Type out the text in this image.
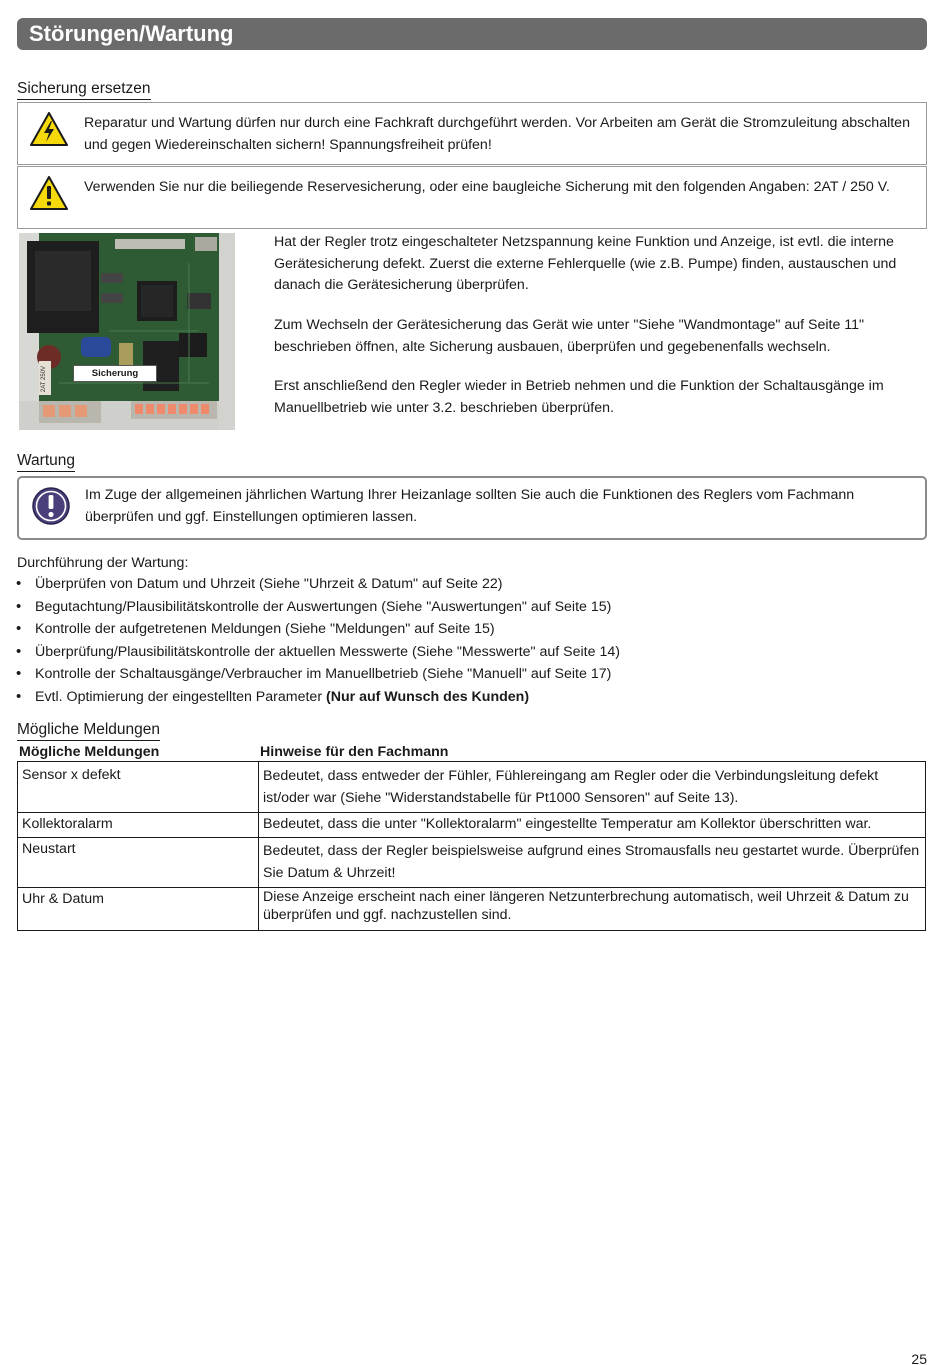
Störungen/Wartung
Sicherung ersetzen
Reparatur und Wartung dürfen nur durch eine Fachkraft durchgeführt werden. Vor Arbeiten am Gerät die Stromzuleitung abschalten und gegen Wiedereinschalten sichern! Spannungsfreiheit prüfen!
Verwenden Sie nur die beiliegende Reservesicherung, oder eine baugleiche Sicherung mit den folgenden Angaben: 2AT / 250 V.
2AT 250V	Sicherung
Hat der Regler trotz eingeschalteter Netzspannung keine Funktion und Anzeige, ist evtl. die interne Gerätesicherung defekt. Zuerst die externe Fehlerquelle (wie z.B. Pumpe) finden, austauschen und danach die Gerätesicherung überprüfen.
Zum Wechseln der Gerätesicherung das Gerät wie unter "Siehe "Wandmontage" auf Seite 11" beschrieben öffnen, alte Sicherung ausbauen, überprüfen und gegebenenfalls wechseln.
Erst anschließend den Regler wieder in Betrieb nehmen und die Funktion der Schaltausgänge im Manuellbetrieb wie unter 3.2. beschrieben überprüfen.
Wartung
Im Zuge der allgemeinen jährlichen Wartung Ihrer Heizanlage sollten Sie auch die Funktionen des Reglers vom Fachmann überprüfen und ggf. Einstellungen optimieren lassen.
Durchführung der Wartung:
• Überprüfen von Datum und Uhrzeit (Siehe "Uhrzeit & Datum" auf Seite 22)
• Begutachtung/Plausibilitätskontrolle der Auswertungen (Siehe "Auswertungen" auf Seite 15)
• Kontrolle der aufgetretenen Meldungen (Siehe "Meldungen" auf Seite 15)
• Überprüfung/Plausibilitätskontrolle der aktuellen Messwerte (Siehe "Messwerte" auf Seite 14)
• Kontrolle der Schaltausgänge/Verbraucher im Manuellbetrieb (Siehe "Manuell" auf Seite 17)
• Evtl. Optimierung der eingestellten Parameter (Nur auf Wunsch des Kunden)
Mögliche Meldungen
Mögliche Meldungen	Hinweise für den Fachmann
Sensor x defekt	Bedeutet, dass entweder der Fühler, Fühlereingang am Regler oder die Verbindungsleitung defekt ist/oder war (Siehe "Widerstandstabelle für Pt1000 Sensoren" auf Seite 13).
Kollektoralarm	Bedeutet, dass die unter "Kollektoralarm" eingestellte Temperatur am Kollektor überschritten war.
Neustart	Bedeutet, dass der Regler beispielsweise aufgrund eines Stromausfalls neu gestartet wurde. Überprüfen Sie Datum & Uhrzeit!
Uhr & Datum	Diese Anzeige erscheint nach einer längeren Netzunterbrechung automatisch, weil Uhrzeit & Datum zu überprüfen und ggf. nachzustellen sind.
25
